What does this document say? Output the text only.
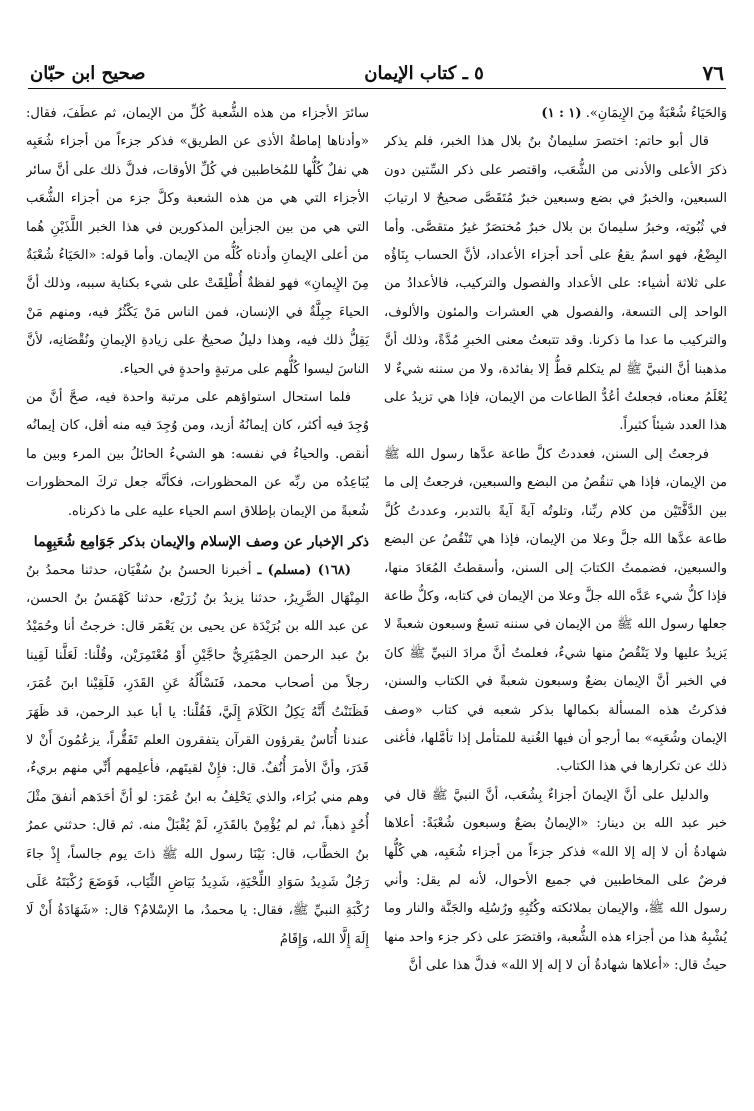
٧٦
٥ ـ كتاب الإيمان
صحيح ابن حبّان

وَالحَيَاءُ شُعْبَةٌ مِنَ الإِيمَانِ». (١ : ١)

قال أبو حاتم: اختصرَ سليمانُ بنُ بلال هذا الخبر، فلم يذكر ذكرَ الأعلى والأدنى من الشُّعَب، واقتصر على ذكر السِّتين دون السبعين، والخبرُ في بضع وسبعين خبرٌ مُتَقَصَّى صحيحٌ لا ارتيابَ في ثُبُوتِه، وخبرُ سليمانَ بن بلال خبرٌ مُختصَرٌ غيرُ متقصَّى. وأما البِضْعُ، فهو اسمٌ يقعُ على أحد أجزاء الأعداد، لأنَّ الحساب بِنَاؤُه على ثلاثة أشياء: على الأعداد والفصول والتركيب، فالأعدادُ من الواحد إلى التسعة، والفصول هي العشرات والمئون والألوف، والتركيب ما عدا ما ذكرنا. وقد تتبعتُ معنى الخبرِ مُدَّةً، وذلك أنَّ مذهبنا أنَّ النبيَّ ﷺ لم يتكلم قطُّ إلا بفائدة، ولا من سننه شيءٌ لا يُعْلَمُ معناه، فجعلتُ أعُدُّ الطاعات من الإيمان، فإذا هي تزيدُ على هذا العدد شيئاً كثيراً.

فرجعتُ إلى السنن، فعددتُ كلَّ طاعة عدَّها رسول الله ﷺ من الإيمان، فإذا هي تنقُصُ من البضع والسبعين، فرجعتُ إلى ما بين الدَّفَّتَيْن من كلام ربِّنا، وتلوتُه آيةً آيةً بالتدبر، وعددتُ كُلَّ طاعة عدَّها الله جلَّ وعلا من الإيمان، فإذا هي تَنْقُصُ عن البضع والسبعين، فضممتُ الكتابَ إلى السنن، وأسقطتُ المُعَادَ منها، فإذا كلُّ شيء عَدَّه الله جلَّ وعلا من الإيمان في كتابه، وكلُّ طاعة جعلها رسول الله ﷺ من الإيمان في سننه تسعٌ وسبعون شعبةً لا يَزيدُ عليها ولا يَنْقُصُ منها شيءٌ، فعلمتُ أنَّ مرادَ النبيِّ ﷺ كانَ في الخبر أنَّ الإيمان بضعٌ وسبعون شعبةً في الكتاب والسنن، فذكرتُ هذه المسألة بكمالها بذكر شعبه في كتاب «وصف الإيمان وشُعَبِه» بما أرجو أن فيها الغُنية للمتأمل إذا تأمَّلها، فأغنى ذلك عن تكرارها في هذا الكتاب.

والدليل على أنَّ الإيمانَ أجزاءٌ بِشُعَب، أنَّ النبيَّ ﷺ قال في خبر عبد الله بن دينار: «الإيمانُ بضعٌ وسبعون شُعْبَةً: أعلاها شهادةُ أن لا إله إلا الله» فذكر جزءاً من أجزاء شُعَبِه، هي كُلُّها فرضٌ على المخاطبين في جميع الأحوال، لأنه لم يقل: وأني رسول الله ﷺ، والإيمان بملائكته وكُتُبِهِ ورُسُلِه والجَنَّة والنار وما يُشْبِهُ هذا من أجزاء هذه الشُّعبة، واقتصَرَ على ذكر جزء واحد منها حيثُ قال: «أعلاها شهادةُ أن لا إله إلا الله» فدلَّ هذا على أنَّ

سائرَ الأجزاء من هذه الشُّعبة كُلِّ من الإيمان، ثم عطَفَ، فقال: «وأدناها إماطةُ الأذى عن الطريق» فذكر جزءاً من أجزاء شُعَبِه هي نفلٌ كُلُّها للمُخاطبين في كُلِّ الأوقات، فدلَّ ذلك على أنَّ سائر الأجزاء التي هي من هذه الشعبة وكلَّ جزء من أجزاء الشُّعَب التي هي من بين الجزأين المذكورين في هذا الخبر اللَّذَيْنِ هُما من أعلى الإيمانِ وأدناه كُلُّه من الإيمان. وأما قوله: «الحَيَاءُ شُعْبَةٌ مِنَ الإِيمانِ» فهو لفظةٌ أُطْلِقَتْ على شيء بكناية سببه، وذلك أنَّ الحياءَ جِبِلَّةٌ في الإنسان، فمن الناس مَنْ يَكْثُرُ فيه، ومنهم مَنْ يَقِلُّ ذلك فيه، وهذا دليلٌ صحيحٌ على زيادةِ الإيمانِ ونُقْصَانِه، لأنَّ الناسَ ليسوا كُلُّهم على مرتبةٍ واحدةٍ في الحياء.

فلما استحال استواؤهم على مرتبة واحدة فيه، صحَّ أنَّ من وُجِدَ فيه أكثر، كان إيمانُهُ أزيد، ومن وُجِدَ فيه منه أقل، كان إيمانُه أنقص. والحياءُ في نفسه: هو الشيءُ الحائلُ بين المرء وبين ما يُبَاعِدُه من ربِّه عن المحظورات، فكأنَّه جعل تركَ المحظورات شُعبةً من الإيمان بإطلاق اسم الحياء عليه على ما ذكرناه.

ذكر الإخبار عن وصف الإسلام والإيمان بذكر جَوَامِع شُعَبِهِما

(١٦٨) (مسلم) ـ أخبرنا الحسنُ بنُ سُفْيَان، حدثنا محمدُ بنُ المِنْهَال الضَّرِيرُ، حدثنا يزيدُ بنُ زُرَيْع، حدثنا كَهْمَسُ بنُ الحسن، عن عبد الله بن بُرَيْدَة عن يحيى بن يَعْمَر قال: خرجتُ أنا وحُمَيْدُ بنُ عبد الرحمن الحِمْيَرِيُّ حاجَّيْنِ أَوْ مُعْتَمِرَيْن، وقُلْنا: لَعَلَّنا لَقِينا رجلاً من أصحاب محمد، فَنَسْأَلُهُ عَنِ القَدَرِ، فَلَقِيْنا ابنَ عُمَرَ، فَظَنَنْتُ أَنَّهُ يَكِلُ الكَلَامَ إِلَيَّ، فَقُلْنا: يا أبا عبد الرحمن، قد ظَهَرَ عندنا أُنَاسٌ يقرؤون القرآن يتفقرون العلم تَفَقُّراً، يزعُمُونَ أَنْ لا قَدَرَ، وأنَّ الأمرَ أُنُفٌ. قال: فإِنْ لقيتَهم، فأعلِمهم أَنِّي منهم بريءٌ، وهم مني بُرَاء، والذي يَحْلِفُ به ابنُ عُمَرَ: لو أنَّ أحَدَهم أنفقَ مثْلَ أُحُدٍ ذهباً، ثم لم يُؤْمِنْ بالقَدَرِ، لَمْ يُقْبَلْ منه. ثم قال: حدثني عمرُ بنُ الخطَّاب، قال: بَيْنَا رسول الله ﷺ ذاتَ يوم جالساً، إِذْ جاءَ رَجُلٌ شَدِيدُ سَوَادِ اللِّحْيَةِ، شَدِيدُ بَيَاضِ الثِّيَاب، فَوَضَعَ رُكْبَتَهُ عَلَى رُكْبَةِ النبيِّ ﷺ، فقال: يا محمدُ، ما الإسْلامُ؟ قال: «شَهَادَةُ أَنْ لَا إِلَهَ إِلَّا الله، وَإِقَامُ
